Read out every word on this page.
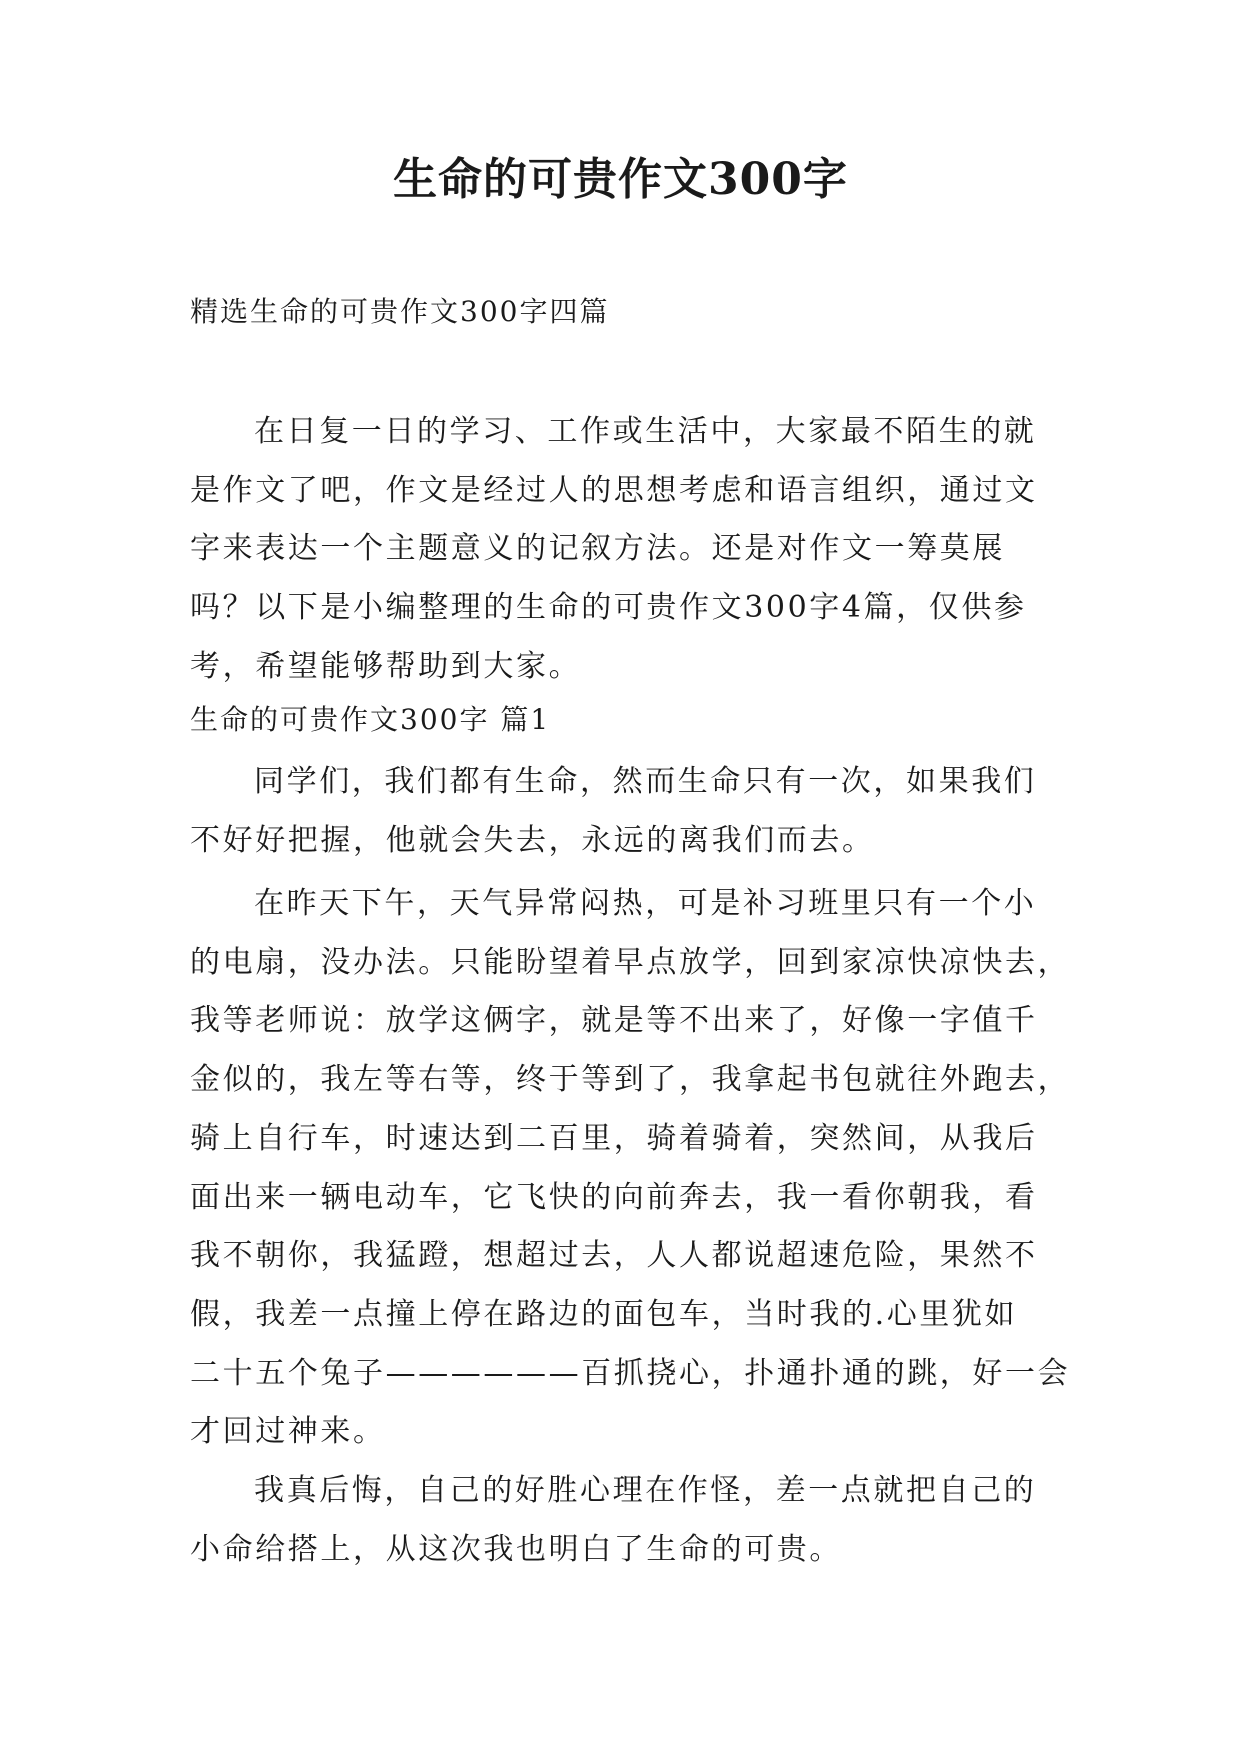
生命的可贵作文300字
精选生命的可贵作文300字四篇
在日复一日的学习、工作或生活中，大家最不陌生的就
是作文了吧，作文是经过人的思想考虑和语言组织，通过文
字来表达一个主题意义的记叙方法。还是对作文一筹莫展
吗？以下是小编整理的生命的可贵作文300字4篇，仅供参
考，希望能够帮助到大家。
生命的可贵作文300字 篇1
同学们，我们都有生命，然而生命只有一次，如果我们
不好好把握，他就会失去，永远的离我们而去。
在昨天下午，天气异常闷热，可是补习班里只有一个小
的电扇，没办法。只能盼望着早点放学，回到家凉快凉快去，
我等老师说：放学这俩字，就是等不出来了，好像一字值千
金似的，我左等右等，终于等到了，我拿起书包就往外跑去，
骑上自行车，时速达到二百里，骑着骑着，突然间，从我后
面出来一辆电动车，它飞快的向前奔去，我一看你朝我，看
我不朝你，我猛蹬，想超过去，人人都说超速危险，果然不
假，我差一点撞上停在路边的面包车，当时我的.心里犹如
二十五个兔子——————百抓挠心，扑通扑通的跳，好一会
才回过神来。
我真后悔，自己的好胜心理在作怪，差一点就把自己的
小命给搭上，从这次我也明白了生命的可贵。
